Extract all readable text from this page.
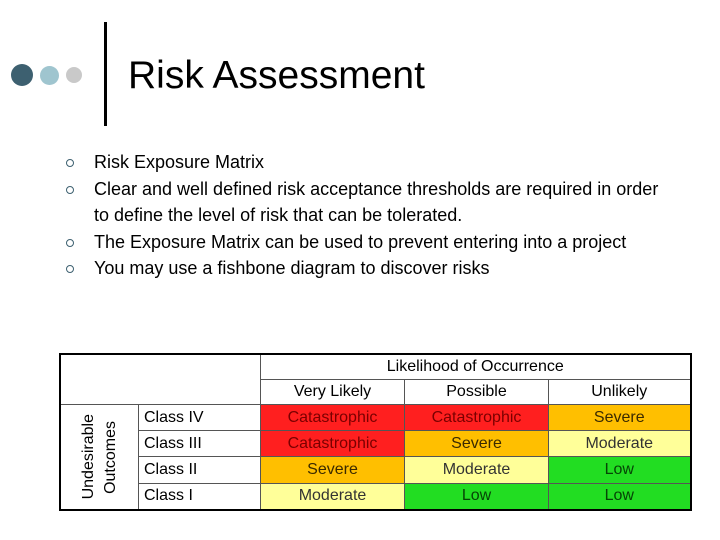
Risk Assessment
Risk Exposure Matrix
Clear and well defined risk acceptance thresholds are required in order to define the level of risk that can be tolerated.
The Exposure Matrix can be used to prevent entering into a project
You may use a fishbone diagram to discover risks
		Likelihood of Occurrence		
		Very Likely	Possible	Unlikely

Undesirable Outcomes	Class IV	Catastrophic	Catastrophic	Severe
	Class III	Catastrophic	Severe	Moderate
	Class II	Severe	Moderate	Low
	Class I	Moderate	Low	Low
